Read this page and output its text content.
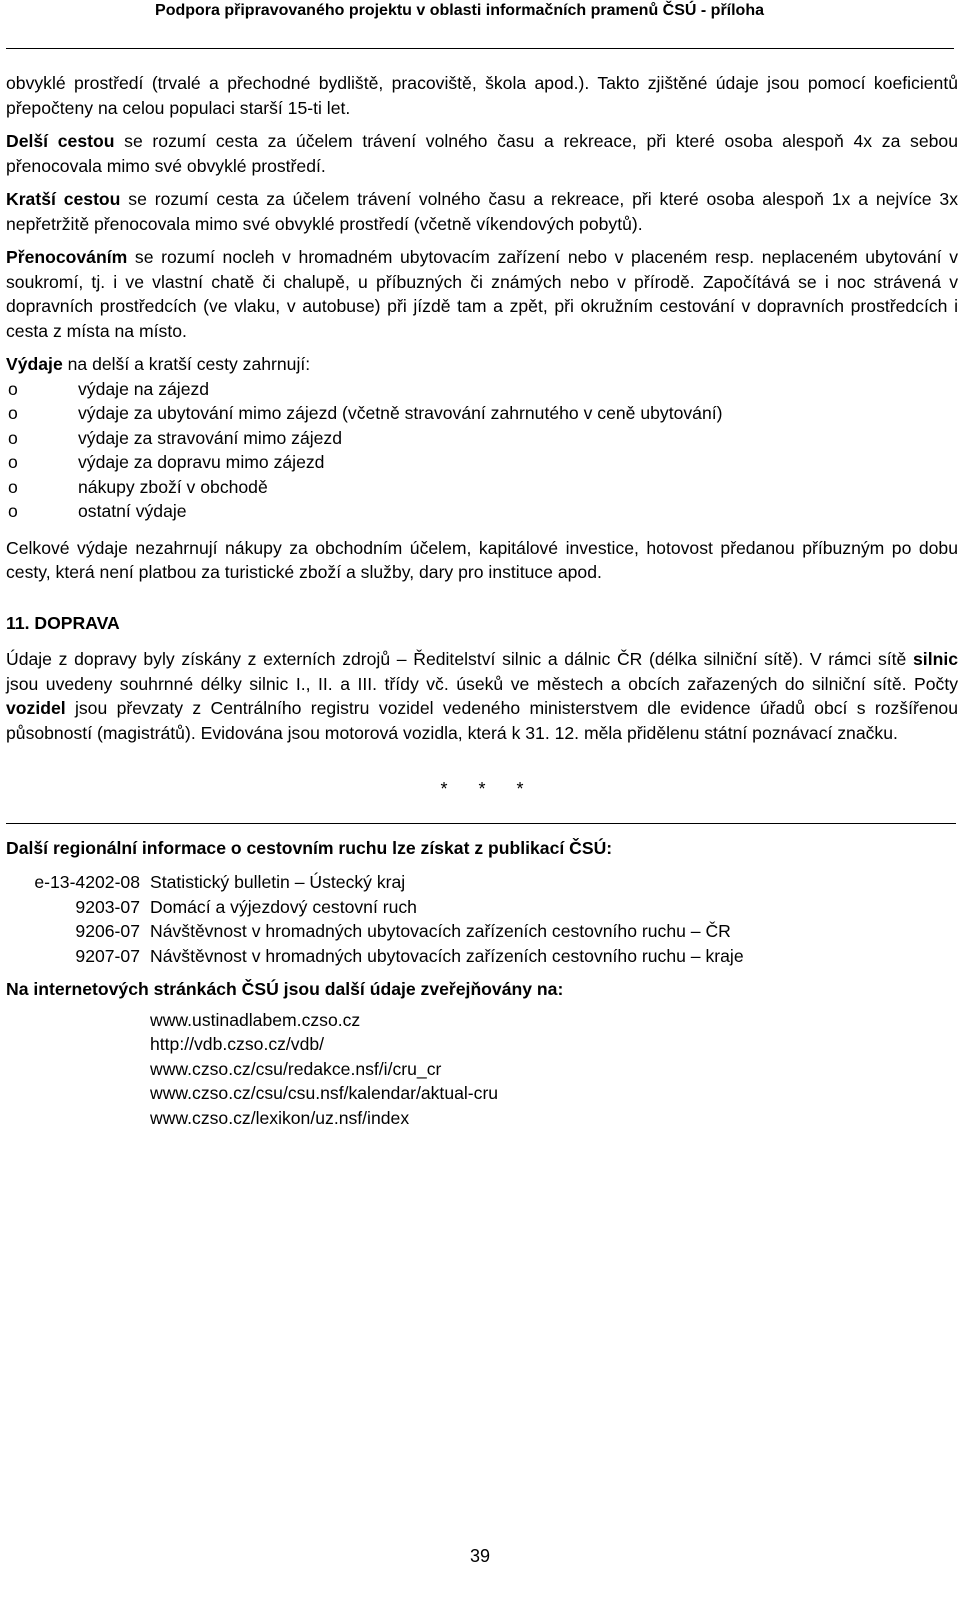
Podpora připravovaného projektu v oblasti informačních pramenů ČSÚ - příloha

obvyklé prostředí (trvalé a přechodné bydliště, pracoviště, škola apod.). Takto zjištěné údaje jsou pomocí koeficientů přepočteny na celou populaci starší 15-ti let.

Delší cestou se rozumí cesta za účelem trávení volného času a rekreace, při které osoba alespoň 4x za sebou přenocovala mimo své obvyklé prostředí.

Kratší cestou se rozumí cesta za účelem trávení volného času a rekreace, při které osoba alespoň 1x a nejvíce 3x nepřetržitě přenocovala mimo své obvyklé prostředí (včetně víkendových pobytů).

Přenocováním se rozumí nocleh v hromadném ubytovacím zařízení nebo v placeném resp. neplaceném ubytování v soukromí, tj. i ve vlastní chatě či chalupě, u příbuzných či známých nebo v přírodě. Započítává se i noc strávená v dopravních prostředcích (ve vlaku, v autobuse) při jízdě tam a zpět, při okružním cestování v dopravních prostředcích i cesta z místa na místo.

Výdaje na delší a kratší cesty zahrnují:

o	výdaje na zájezd
o	výdaje za ubytování mimo zájezd (včetně stravování zahrnutého v ceně ubytování)
o	výdaje za stravování mimo zájezd
o	výdaje za dopravu mimo zájezd
o	nákupy zboží v obchodě
o	ostatní výdaje

Celkové výdaje nezahrnují nákupy za obchodním účelem, kapitálové investice, hotovost předanou příbuzným po dobu cesty, která není platbou za turistické zboží a služby, dary pro instituce apod.

11. DOPRAVA

Údaje z dopravy byly získány z externích zdrojů – Ředitelství silnic a dálnic ČR (délka silniční sítě). V rámci sítě silnic jsou uvedeny souhrnné délky silnic I., II. a III. třídy vč. úseků ve městech a obcích zařazených do silniční sítě. Počty vozidel jsou převzaty z Centrálního registru vozidel vedeného ministerstvem dle evidence úřadů obcí s rozšířenou působností (magistrátů). Evidována jsou motorová vozidla, která k 31. 12. měla přidělenu státní poznávací značku.

* * *

Další regionální informace o cestovním ruchu lze získat z publikací ČSÚ:

e-13-4202-08 Statistický bulletin – Ústecký kraj
9203-07 Domácí a výjezdový cestovní ruch
9206-07 Návštěvnost v hromadných ubytovacích zařízeních cestovního ruchu – ČR
9207-07 Návštěvnost v hromadných ubytovacích zařízeních cestovního ruchu – kraje

Na internetových stránkách ČSÚ jsou další údaje zveřejňovány na:

www.ustinadlabem.czso.cz
http://vdb.czso.cz/vdb/
www.czso.cz/csu/redakce.nsf/i/cru_cr
www.czso.cz/csu/csu.nsf/kalendar/aktual-cru
www.czso.cz/lexikon/uz.nsf/index
39
